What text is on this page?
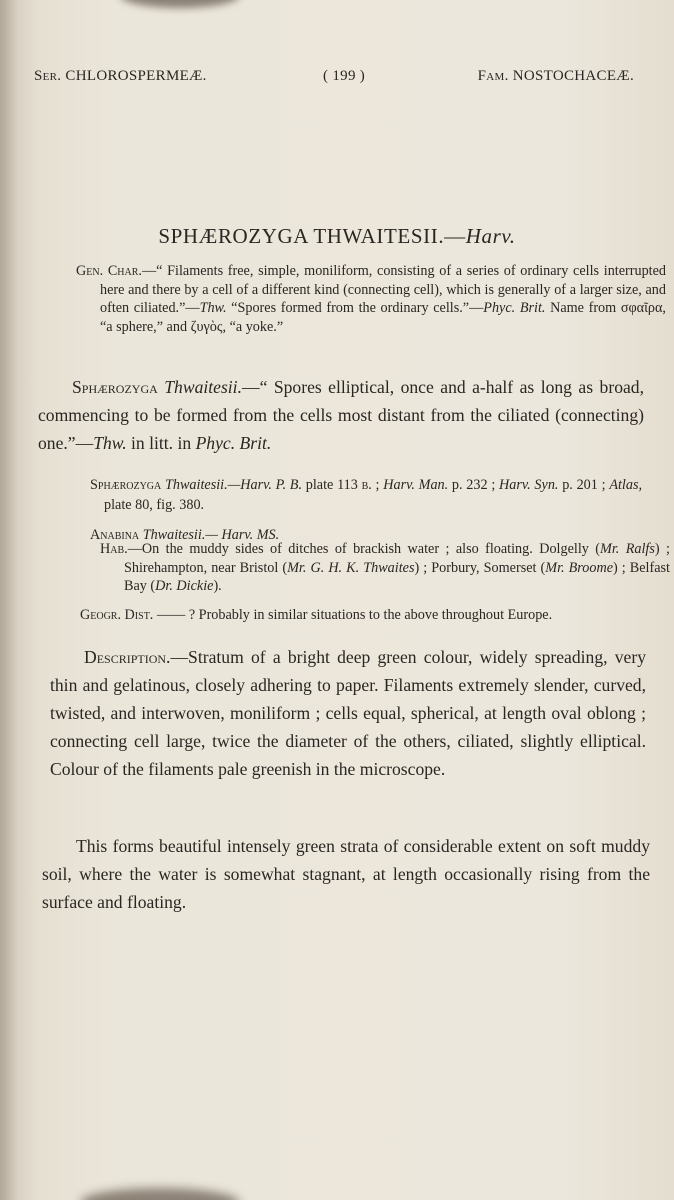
Ser. CHLOROSPERMEÆ.	( 199 )	Fam. NOSTOCHACEÆ.
SPHÆROZYGA THWAITESII.—Harv.

Gen. Char.—“ Filaments free, simple, moniliform, consisting of a series of ordinary cells interrupted here and there by a cell of a different kind (connecting cell), which is generally of a larger size, and often ciliated.”—Thw. “Spores formed from the ordinary cells.”—Phyc. Brit. Name from σφαῖρα, “a sphere,” and ζυγὸς, “a yoke.”

Sphærozyga Thwaitesii.—“ Spores elliptical, once and a-half as long as broad, commencing to be formed from the cells most distant from the ciliated (connecting) one.”—Thw. in litt. in Phyc. Brit.

Sphærozyga Thwaitesii.—Harv. P. B. plate 113 b. ; Harv. Man. p. 232 ; Harv. Syn. p. 201 ; Atlas, plate 80, fig. 380.

Anabina Thwaitesii.— Harv. MS.

Hab.—On the muddy sides of ditches of brackish water ; also floating. Dolgelly (Mr. Ralfs) ; Shirehampton, near Bristol (Mr. G. H. K. Thwaites) ; Porbury, Somerset (Mr. Broome) ; Belfast Bay (Dr. Dickie).

Geogr. Dist. —— ? Probably in similar situations to the above throughout Europe.

Description.—Stratum of a bright deep green colour, widely spreading, very thin and gelatinous, closely adhering to paper. Filaments extremely slender, curved, twisted, and interwoven, moniliform ; cells equal, spherical, at length oval oblong ; connecting cell large, twice the diameter of the others, ciliated, slightly elliptical. Colour of the filaments pale greenish in the microscope.

This forms beautiful intensely green strata of considerable extent on soft muddy soil, where the water is somewhat stagnant, at length occasionally rising from the surface and floating.
